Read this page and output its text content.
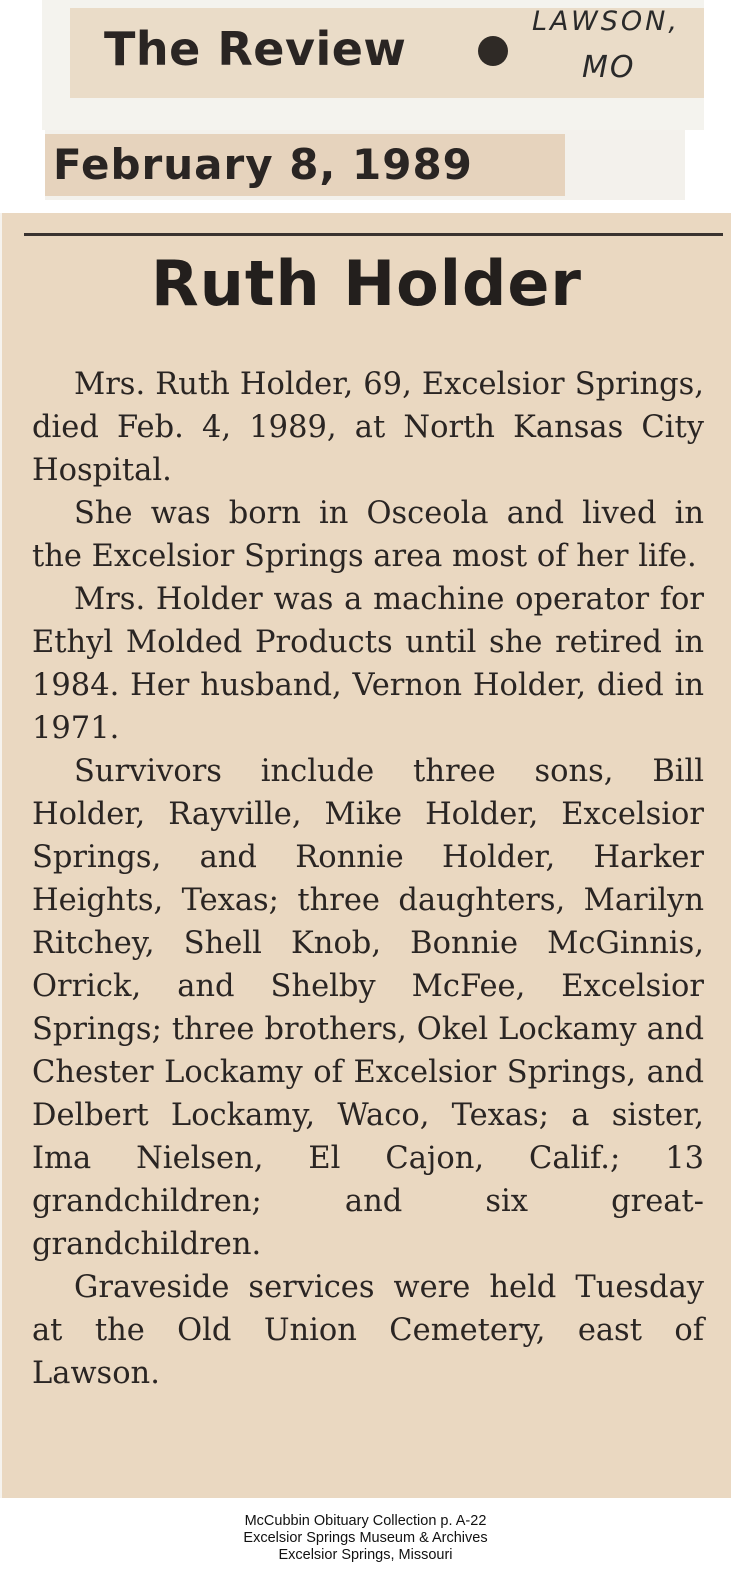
The Review
LAWSON,
MO
February 8, 1989
Ruth Holder

Mrs. Ruth Holder, 69, Excelsior Springs, died Feb. 4, 1989, at North Kansas City Hospital.

She was born in Osceola and lived in the Excelsior Springs area most of her life.

Mrs. Holder was a machine operator for Ethyl Molded Products until she retired in 1984. Her husband, Vernon Holder, died in 1971.

Survivors include three sons, Bill Holder, Rayville, Mike Holder, Excelsior Springs, and Ronnie Holder, Harker Heights, Texas; three daughters, Marilyn Ritchey, Shell Knob, Bonnie McGinnis, Orrick, and Shelby McFee, Excelsior Springs; three brothers, Okel Lockamy and Chester Lockamy of Excelsior Springs, and Delbert Lockamy, Waco, Texas; a sister, Ima Nielsen, El Cajon, Calif.; 13 grandchildren; and six great-grandchildren.

Graveside services were held Tuesday at the Old Union Cemetery, east of Lawson.

McCubbin Obituary Collection p. A-22
Excelsior Springs Museum & Archives
Excelsior Springs, Missouri
